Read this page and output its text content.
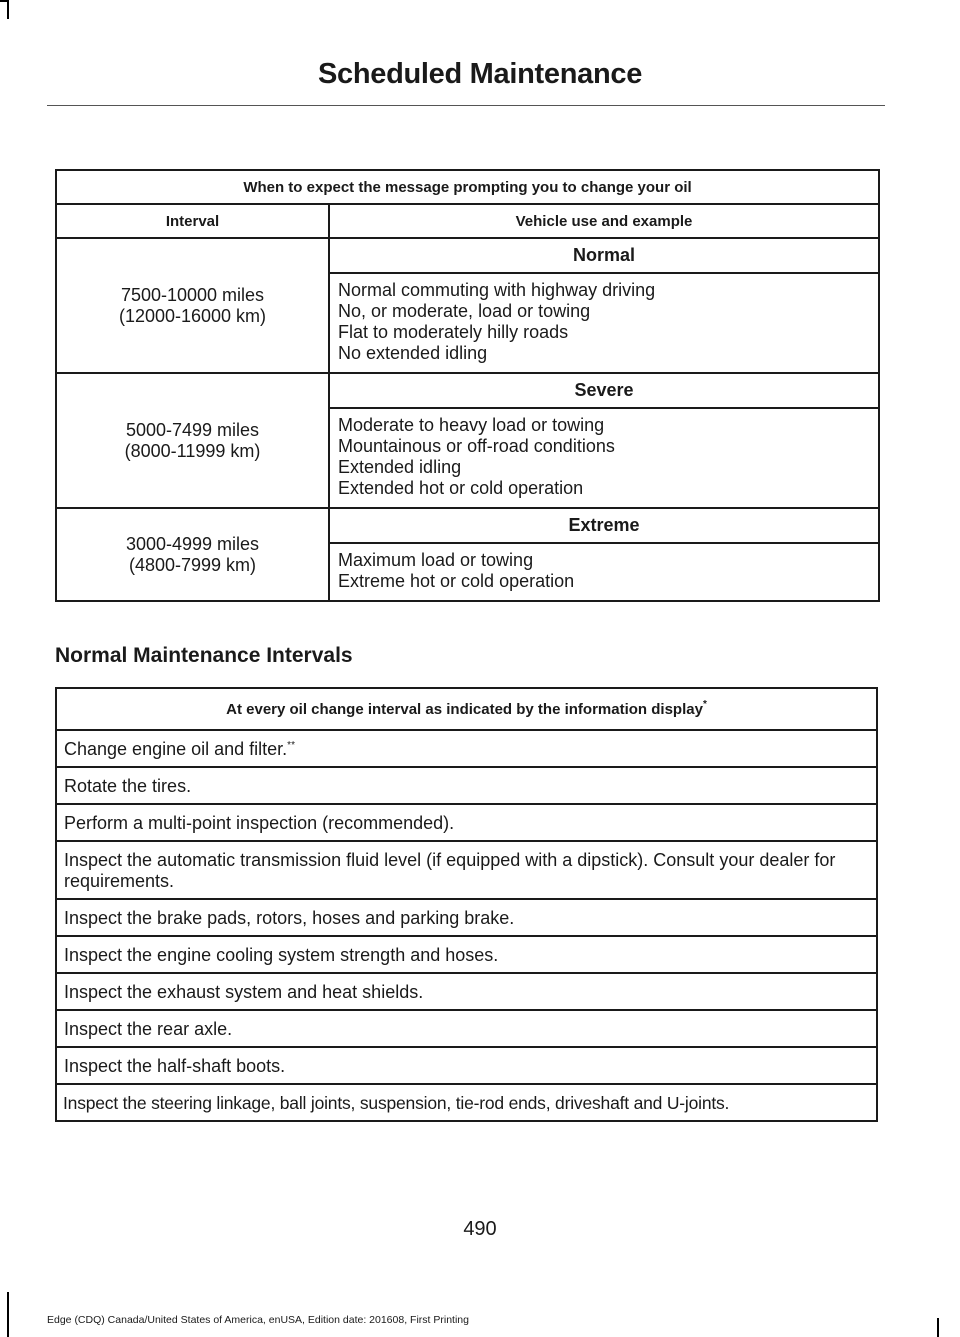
Scheduled Maintenance
When to expect the message prompting you to change your oil	
Interval	Vehicle use and example

7500-10000 miles
(12000-16000 km)	Normal

	Normal commuting with highway driving
No, or moderate, load or towing
Flat to moderately hilly roads
No extended idling

5000-7499 miles
(8000-11999 km)	Severe

	Moderate to heavy load or towing
Mountainous or off-road conditions
Extended idling
Extended hot or cold operation

3000-4999 miles
(4800-7999 km)	Extreme

	Maximum load or towing
Extreme hot or cold operation
Normal Maintenance Intervals
At every oil change interval as indicated by the information display*
Change engine oil and filter.**
Rotate the tires.
Perform a multi-point inspection (recommended).
Inspect the automatic transmission fluid level (if equipped with a dipstick). Consult your dealer for requirements.
Inspect the brake pads, rotors, hoses and parking brake.
Inspect the engine cooling system strength and hoses.
Inspect the exhaust system and heat shields.
Inspect the rear axle.
Inspect the half-shaft boots.
Inspect the steering linkage, ball joints, suspension, tie-rod ends, driveshaft and U-joints.
490
Edge (CDQ) Canada/United States of America, enUSA, Edition date: 201608, First Printing
